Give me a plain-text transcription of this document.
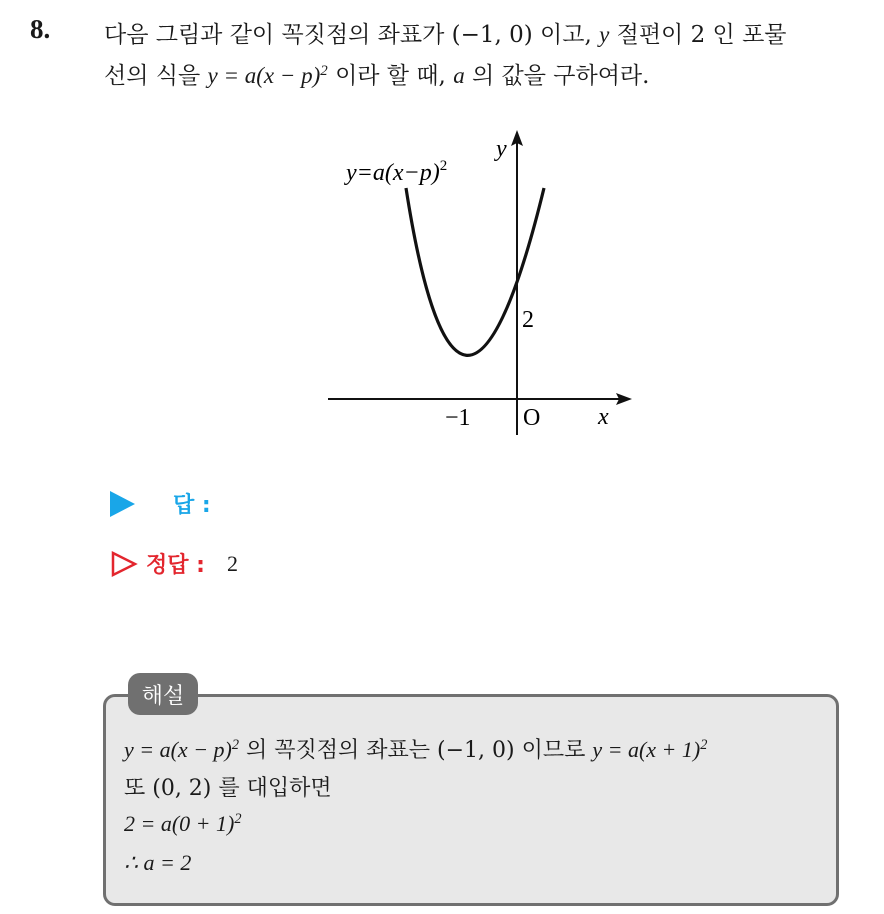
8. 다음 그림과 같이 꼭짓점의 좌표가 (−1, 0) 이고, y 절편이 2 인 포물
선의 식을 $y = a(x - p)^2$ 이라 할 때, a 의 값을 구하여라.
$y=a(x-p)^2$
y
x
O
−1
2
답 :
정답 : 2
해설
$y = a(x - p)^2$ 의 꼭짓점의 좌표는 (−1, 0) 이므로 $y = a(x + 1)^2$
또 (0, 2) 를 대입하면
$2 = a(0 + 1)^2$
∴ a = 2
